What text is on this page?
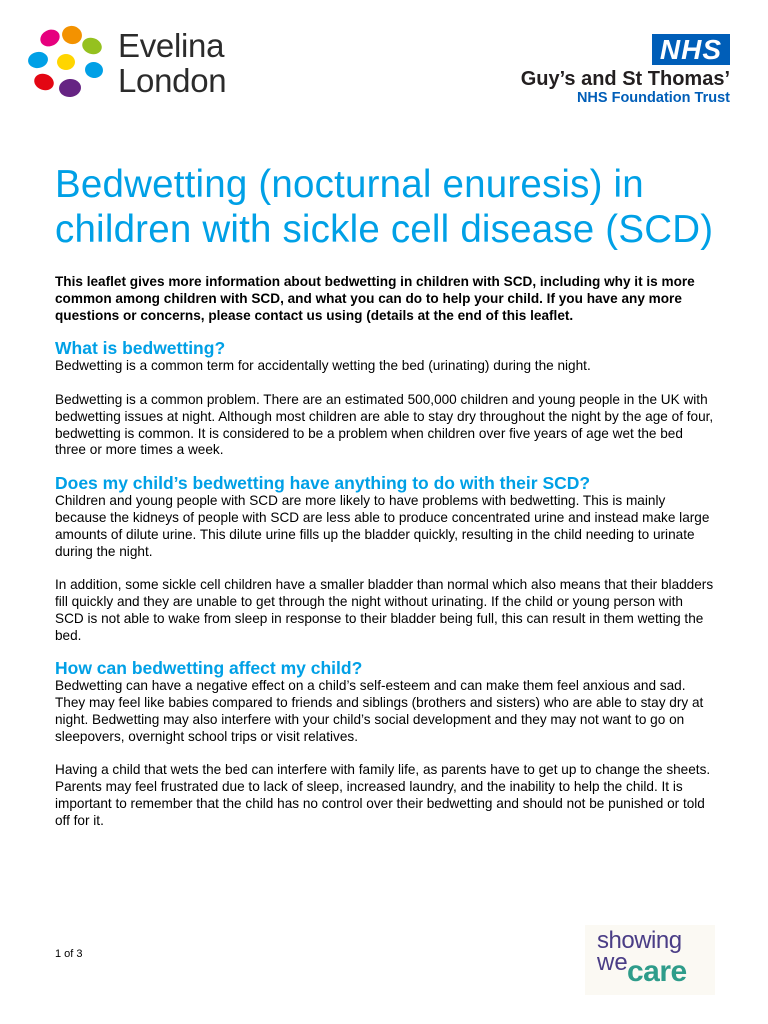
Evelina
London
NHS
Guy’s and St Thomas’
NHS Foundation Trust
Bedwetting (nocturnal enuresis) in children with sickle cell disease (SCD)

This leaflet gives more information about bedwetting in children with SCD, including why it is more common among children with SCD, and what you can do to help your child. If you have any more questions or concerns, please contact us using (details at the end of this leaflet.

What is bedwetting?

Bedwetting is a common term for accidentally wetting the bed (urinating) during the night.

Bedwetting is a common problem. There are an estimated 500,000 children and young people in the UK with bedwetting issues at night. Although most children are able to stay dry throughout the night by the age of four, bedwetting is common. It is considered to be a problem when children over five years of age wet the bed three or more times a week.

Does my child’s bedwetting have anything to do with their SCD?

Children and young people with SCD are more likely to have problems with bedwetting. This is mainly because the kidneys of people with SCD are less able to produce concentrated urine and instead make large amounts of dilute urine. This dilute urine fills up the bladder quickly, resulting in the child needing to urinate during the night.

In addition, some sickle cell children have a smaller bladder than normal which also means that their bladders fill quickly and they are unable to get through the night without urinating. If the child or young person with SCD is not able to wake from sleep in response to their bladder being full, this can result in them wetting the bed.

How can bedwetting affect my child?

Bedwetting can have a negative effect on a child’s self-esteem and can make them feel anxious and sad. They may feel like babies compared to friends and siblings (brothers and sisters) who are able to stay dry at night. Bedwetting may also interfere with your child’s social development and they may not want to go on sleepovers, overnight school trips or visit relatives.

Having a child that wets the bed can interfere with family life, as parents have to get up to change the sheets. Parents may feel frustrated due to lack of sleep, increased laundry, and the inability to help the child. It is important to remember that the child has no control over their bedwetting and should not be punished or told off for it.

1 of 3	showing
we care
